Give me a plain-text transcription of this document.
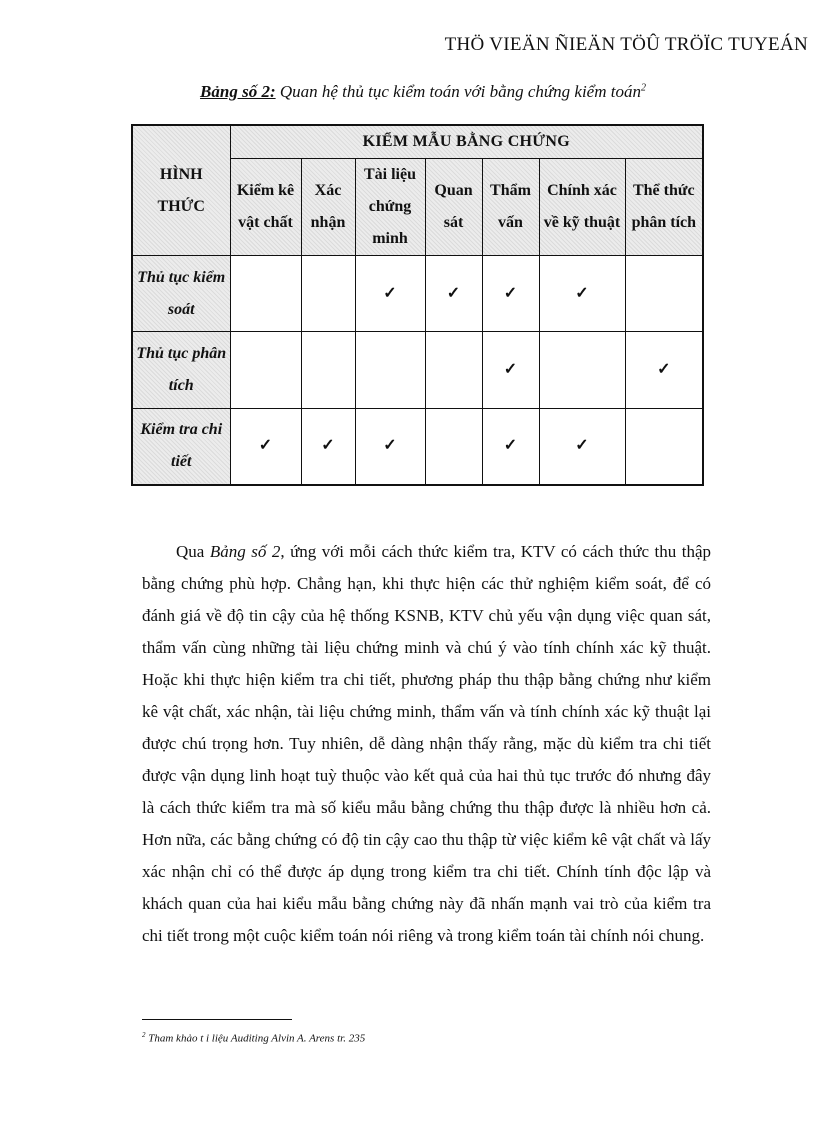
THÖ VIEÄN ÑIEÄN TÖÛ TRÖÏC TUYEÁN
Bảng số 2: Quan hệ thủ tục kiểm toán với bằng chứng kiểm toán$^2$
HÌNH THỨC	KIỂM MẪU BẰNG CHỨNG						
	Kiểm kê vật chất	Xác nhận	Tài liệu chứng minh	Quan sát	Thẩm vấn	Chính xác về kỹ thuật	Thể thức phân tích
Thủ tục kiểm soát			✓	✓	✓	✓	
Thủ tục phân tích					✓		✓
Kiểm tra chi tiết	✓	✓	✓		✓	✓	

Qua Bảng số 2, ứng với mỗi cách thức kiểm tra, KTV có cách thức thu thập bằng chứng phù hợp. Chẳng hạn, khi thực hiện các thử nghiệm kiểm soát, để có đánh giá về độ tin cậy của hệ thống KSNB, KTV chủ yếu vận dụng việc quan sát, thẩm vấn cùng những tài liệu chứng minh và chú ý vào tính chính xác kỹ thuật. Hoặc khi thực hiện kiểm tra chi tiết, phương pháp thu thập bằng chứng như kiểm kê vật chất, xác nhận, tài liệu chứng minh, thẩm vấn và tính chính xác kỹ thuật lại được chú trọng hơn. Tuy nhiên, dễ dàng nhận thấy rằng, mặc dù kiểm tra chi tiết được vận dụng linh hoạt tuỳ thuộc vào kết quả của hai thủ tục trước đó nhưng đây là cách thức kiểm tra mà số kiểu mẫu bằng chứng thu thập được là nhiều hơn cả. Hơn nữa, các bằng chứng có độ tin cậy cao thu thập từ việc kiểm kê vật chất và lấy xác nhận chỉ có thể được áp dụng trong kiểm tra chi tiết. Chính tính độc lập và khách quan của hai kiểu mẫu bằng chứng này đã nhấn mạnh vai trò của kiểm tra chi tiết trong một cuộc kiểm toán nói riêng và trong kiểm toán tài chính nói chung.

$^2$ Tham khảo t i liệu Auditing Alvin A. Arens tr. 235
